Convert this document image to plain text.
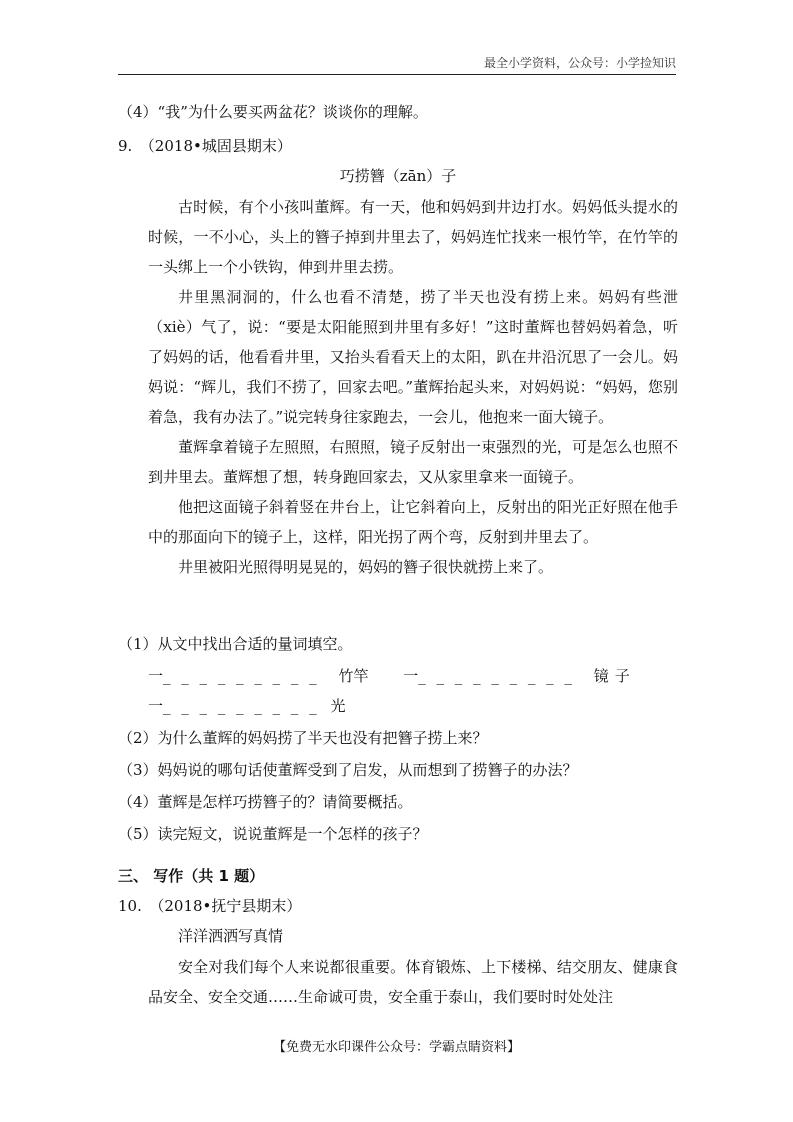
最全小学资料，公众号：小学捡知识
（4）“我”为什么要买两盆花？谈谈你的理解。
9.　（2018•城固县期末）
巧捞簪（zān）子
古时候，有个小孩叫董辉。有一天，他和妈妈到井边打水。妈妈低头提水的时候，一不小心，头上的簪子掉到井里去了，妈妈连忙找来一根竹竿，在竹竿的一头绑上一个小铁钩，伸到井里去捞。
井里黑洞洞的，什么也看不清楚，捞了半天也没有捞上来。妈妈有些泄（xiè）气了，说：“要是太阳能照到井里有多好！”这时董辉也替妈妈着急，听了妈妈的话，他看看井里，又抬头看看天上的太阳，趴在井沿沉思了一会儿。妈妈说：“辉儿，我们不捞了，回家去吧。”董辉抬起头来，对妈妈说：“妈妈，您别着急，我有办法了。”说完转身往家跑去，一会儿，他抱来一面大镜子。
董辉拿着镜子左照照，右照照，镜子反射出一束强烈的光，可是怎么也照不到井里去。董辉想了想，转身跑回家去，又从家里拿来一面镜子。
他把这面镜子斜着竖在井台上，让它斜着向上，反射出的阳光正好照在他手中的那面向下的镜子上，这样，阳光拐了两个弯，反射到井里去了。
井里被阳光照得明晃晃的，妈妈的簪子很快就捞上来了。
（1）从文中找出合适的量词填空。
一_ _ _ _ _ _ _ _ _ 竹竿 一_ _ _ _ _ _ _ _ _ 镜子
一_ _ _ _ _ _ _ _ _ 光
（2）为什么董辉的妈妈捞了半天也没有把簪子捞上来？
（3）妈妈说的哪句话使董辉受到了启发，从而想到了捞簪子的办法？
（4）董辉是怎样巧捞簪子的？请简要概括。
（5）读完短文，说说董辉是一个怎样的孩子？
三、 写作（共 1 题）
10.　（2018•抚宁县期末）
洋洋洒洒写真情
安全对我们每个人来说都很重要。体育锻炼、上下楼梯、结交朋友、健康食品安全、安全交通……生命诚可贵，安全重于泰山，我们要时时处处注
【免费无水印课件公众号：学霸点睛资料】
